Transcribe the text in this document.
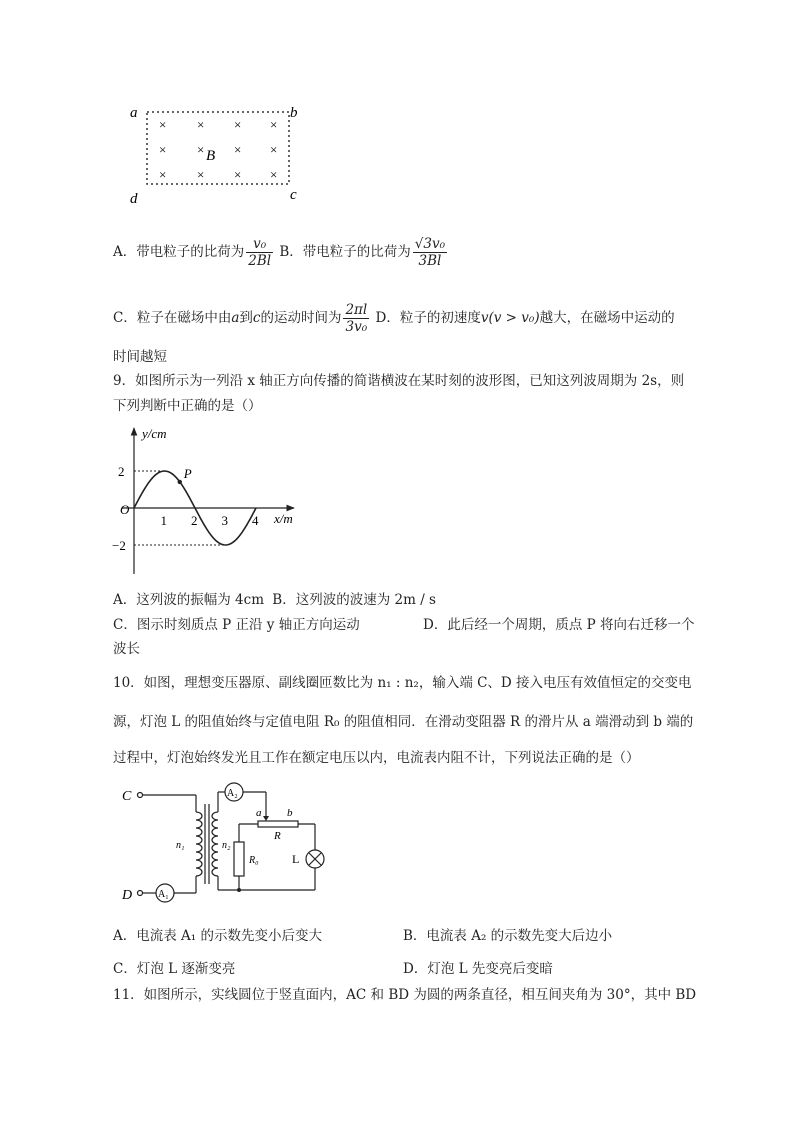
a	b
c
d
× × × ×
× × × ×
× × × ×
B
A．带电粒子的比荷为 $\frac{\text{v₀}}{2Bl}$ B．带电粒子的比荷为 $\frac{\text{√3v₀}}{3Bl}$
C．粒子在磁场中由a到c的运动时间为 $\frac{2\pi l}{\text{3v₀}}$ D．粒子的初速度v(v > v₀)越大，在磁场中运动的
时间越短
9．如图所示为一列沿 x 轴正方向传播的简谐横波在某时刻的波形图，已知这列波周期为 2s，则
下列判断中正确的是（）
y/cm
x/m
O
1 2 3 4
2
−2
P
A．这列波的振幅为 4cm B．这列波的波速为 2m / s
C．图示时刻质点 P 正沿 y 轴正方向运动	D．此后经一个周期，质点 P 将向右迁移一个
波长
10．如图，理想变压器原、副线圈匝数比为 n₁ : n₂，输入端 C、D 接入电压有效值恒定的交变电
源，灯泡 L 的阻值始终与定值电阻 R₀ 的阻值相同．在滑动变阻器 R 的滑片从 a 端滑动到 b 端的
过程中，灯泡始终发光且工作在额定电压以内，电流表内阻不计，下列说法正确的是（）
C
D	A₁
n₁	n₂
A₂
a b
R
R₀	L
A．电流表 A₁ 的示数先变小后变大	B．电流表 A₂ 的示数先变大后边小
C．灯泡 L 逐渐变亮	D．灯泡 L 先变亮后变暗
11．如图所示，实线圆位于竖直面内，AC 和 BD 为圆的两条直径，相互间夹角为 30°，其中 BD
